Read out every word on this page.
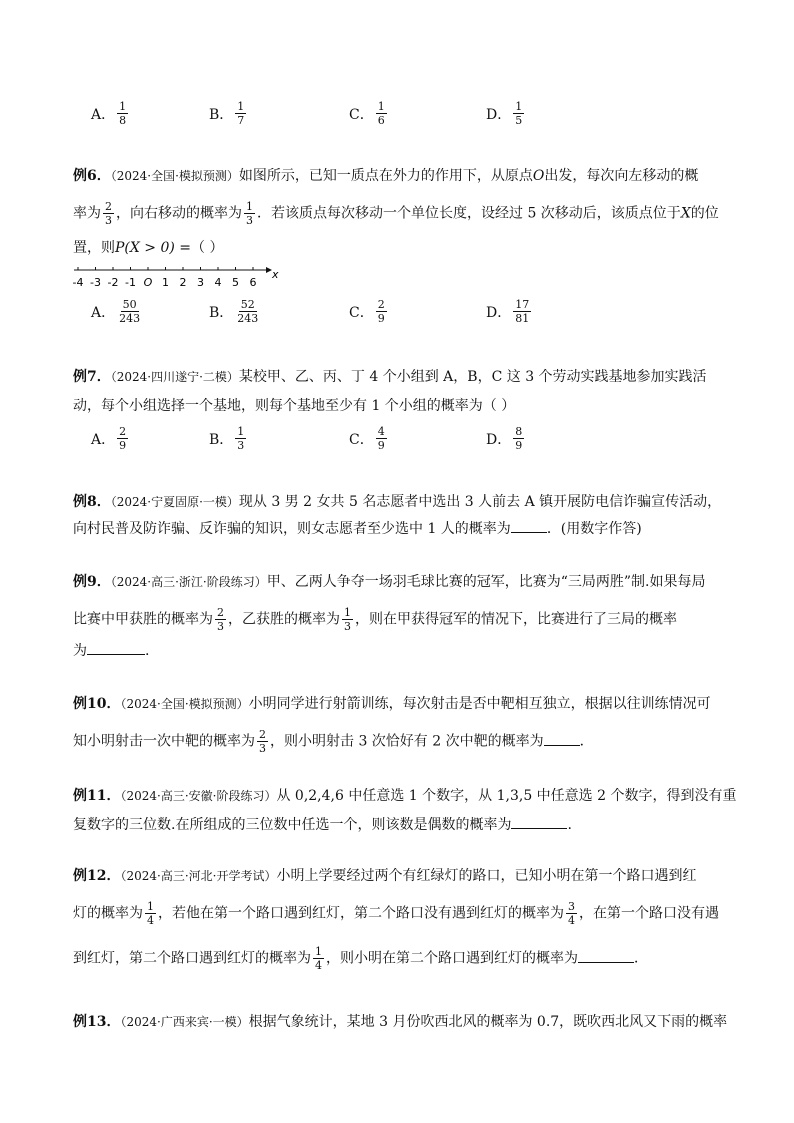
A． $\frac{1}{8}$	B． $\frac{1}{7}$	C． $\frac{1}{6}$	D． $\frac{1}{5}$
例6．（2024·全国·模拟预测）如图所示，已知一质点在外力的作用下，从原点O出发，每次向左移动的概
率为 $\frac{2}{3}$ ，向右移动的概率为 $\frac{1}{3}$ ．若该质点每次移动一个单位长度，设经过 5 次移动后，该质点位于X的位
置，则P(X > 0) =（ ）
-4 -3 -2 -1 O 1 2 3 4 5 6
x
A． $\frac{50}{243}$	B． $\frac{52}{243}$	C． $\frac{2}{9}$	D． $\frac{17}{81}$
例7．（2024·四川遂宁·二模）某校甲、乙、丙、丁 4 个小组到 A，B，C 这 3 个劳动实践基地参加实践活
动，每个小组选择一个基地，则每个基地至少有 1 个小组的概率为（ ）
A． $\frac{2}{9}$	B． $\frac{1}{3}$	C． $\frac{4}{9}$	D． $\frac{8}{9}$
例8．（2024·宁夏固原·一模）现从 3 男 2 女共 5 名志愿者中选出 3 人前去 A 镇开展防电信诈骗宣传活动，
向村民普及防诈骗、反诈骗的知识，则女志愿者至少选中 1 人的概率为	．(用数字作答)
例9．（2024·高三·浙江·阶段练习）甲、乙两人争夺一场羽毛球比赛的冠军，比赛为“三局两胜”制.如果每局
比赛中甲获胜的概率为 $\frac{2}{3}$ ，乙获胜的概率为 $\frac{1}{3}$ ，则在甲获得冠军的情况下，比赛进行了三局的概率
为	.
例10．（2024·全国·模拟预测）小明同学进行射箭训练，每次射击是否中靶相互独立，根据以往训练情况可
知小明射击一次中靶的概率为 $\frac{2}{3}$ ，则小明射击 3 次恰好有 2 次中靶的概率为	．
例11．（2024·高三·安徽·阶段练习）从 0,2,4,6 中任意选 1 个数字，从 1,3,5 中任意选 2 个数字，得到没有重
复数字的三位数.在所组成的三位数中任选一个，则该数是偶数的概率为	.
例12．（2024·高三·河北·开学考试）小明上学要经过两个有红绿灯的路口，已知小明在第一个路口遇到红
灯的概率为 $\frac{1}{4}$ ，若他在第一个路口遇到红灯，第二个路口没有遇到红灯的概率为 $\frac{3}{4}$ ，在第一个路口没有遇
到红灯，第二个路口遇到红灯的概率为 $\frac{1}{4}$ ，则小明在第二个路口遇到红灯的概率为	．
例13．（2024·广西来宾·一模）根据气象统计，某地 3 月份吹西北风的概率为 0.7，既吹西北风又下雨的概率
